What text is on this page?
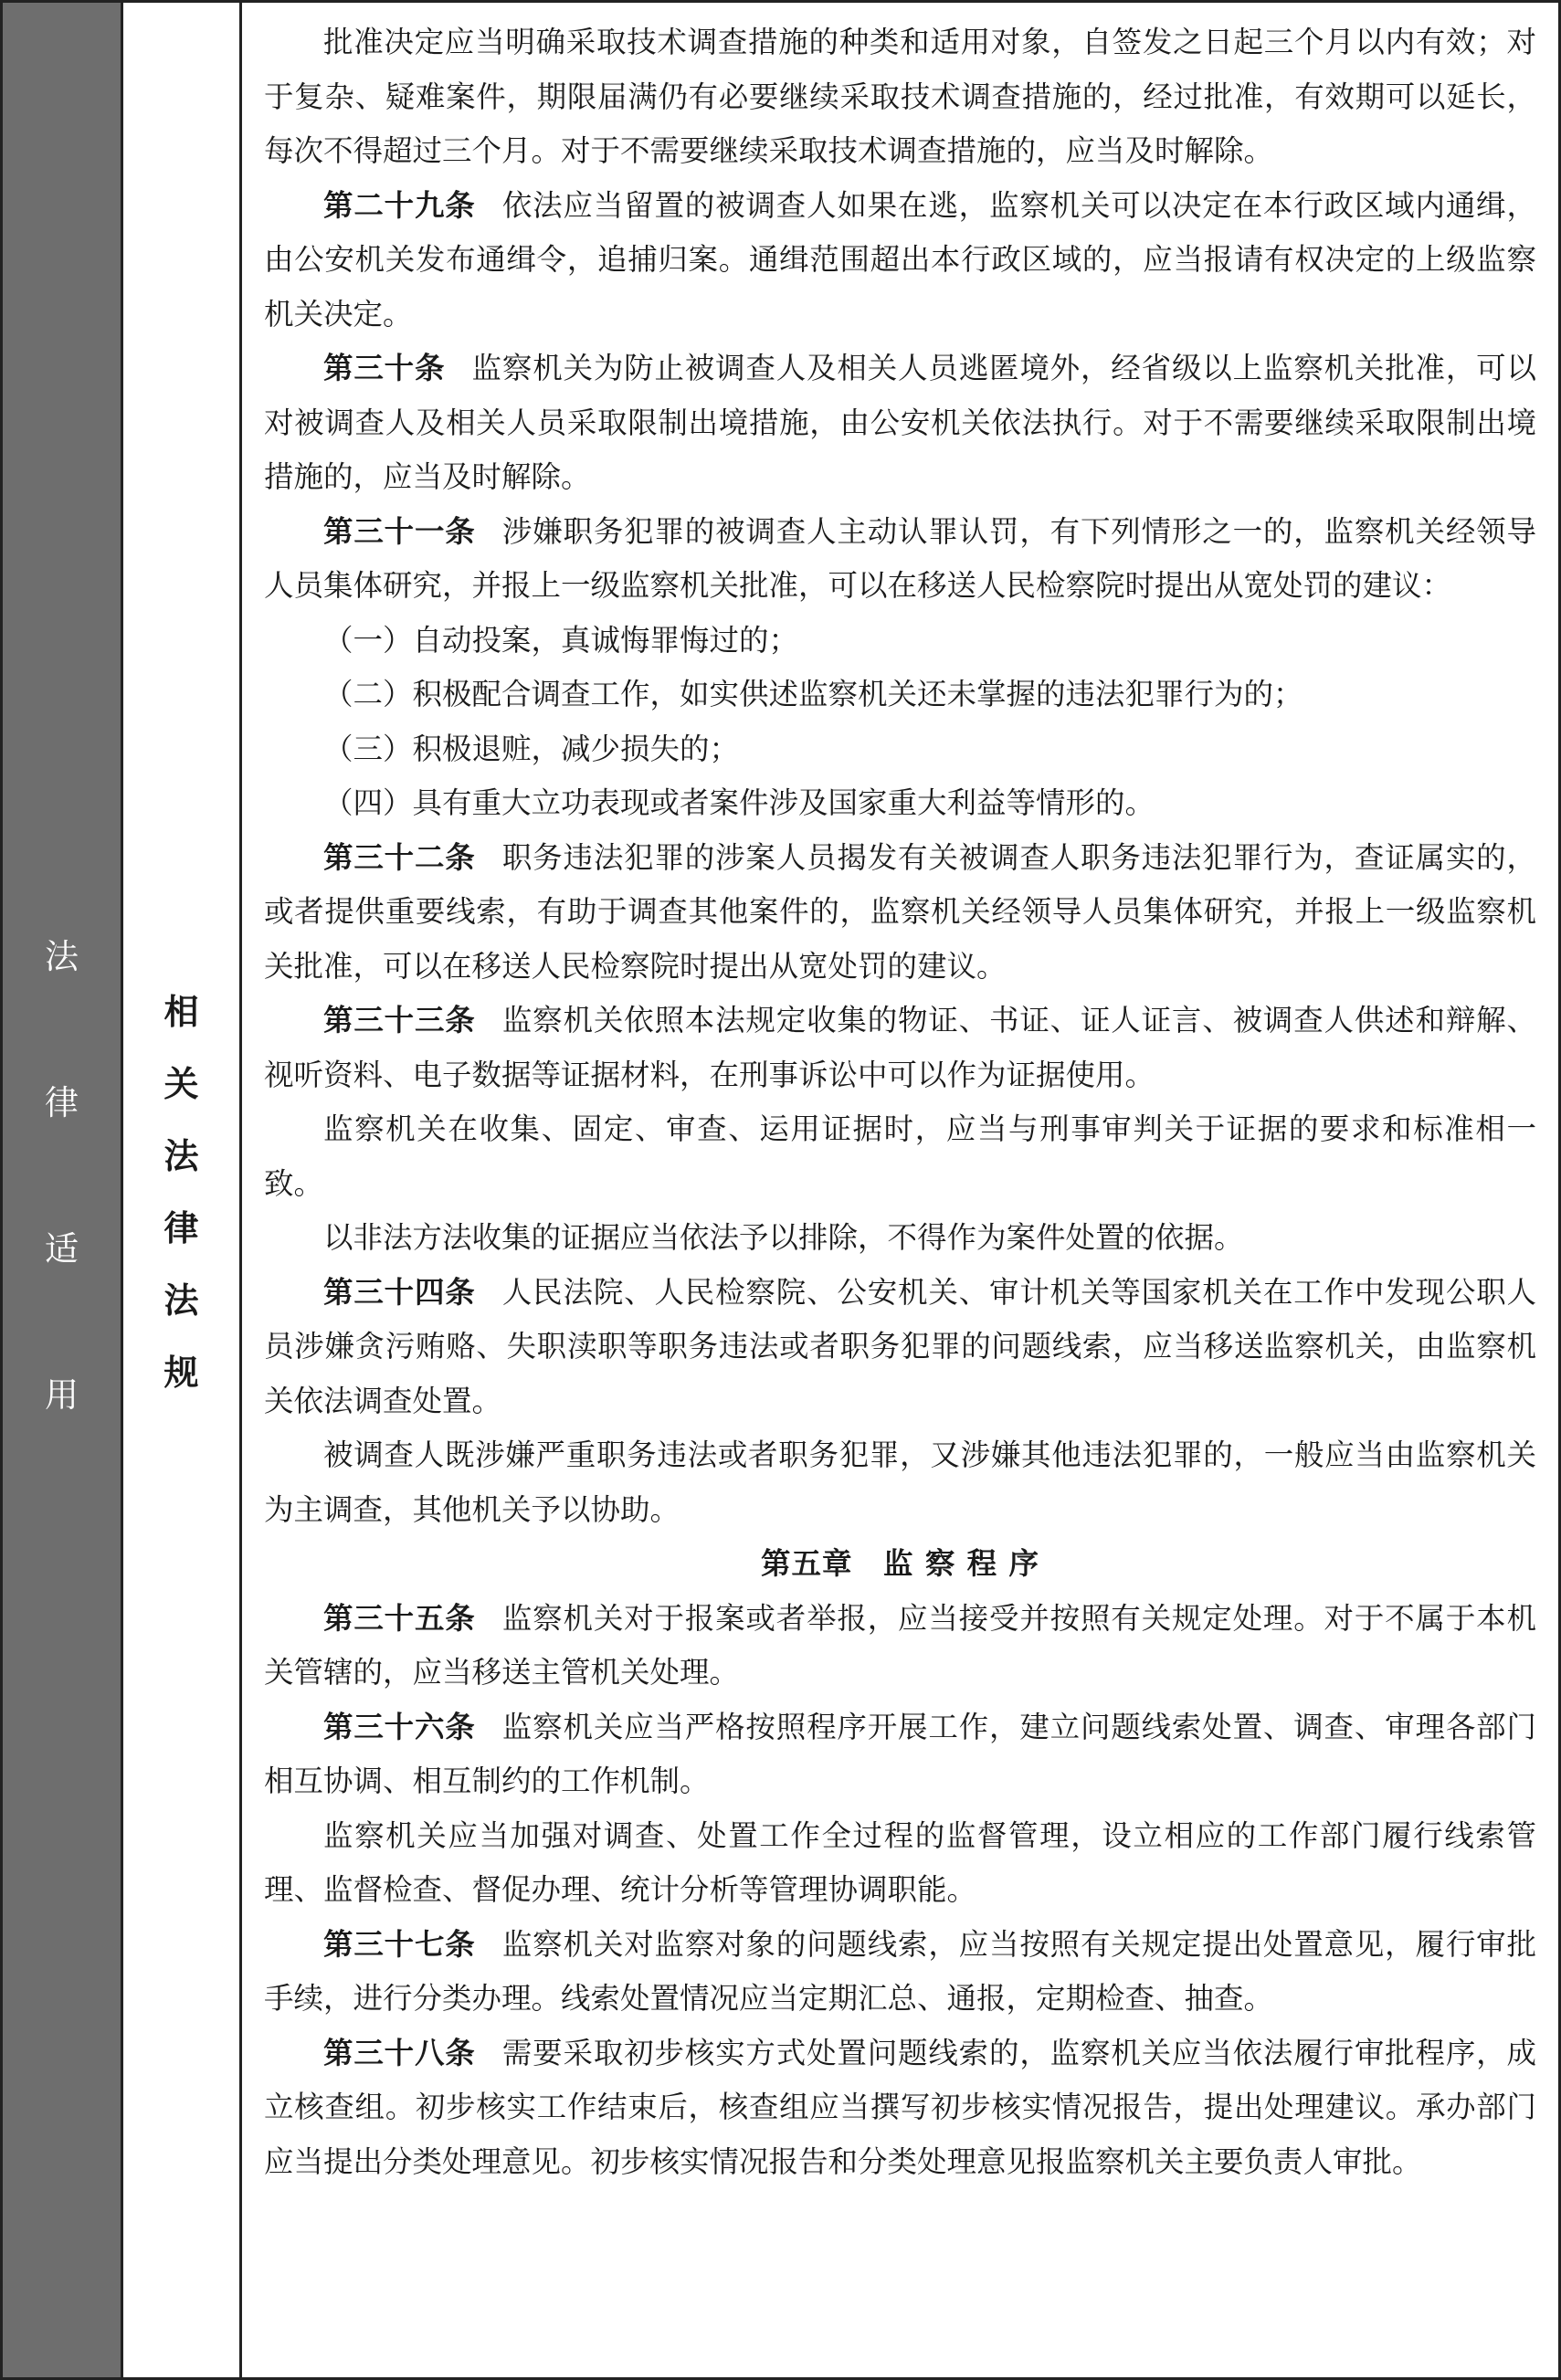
法
律
适
用
相
关
法
律
法
规

批准决定应当明确采取技术调查措施的种类和适用对象，自签发之日起三个月以内有效；对于复杂、疑难案件，期限届满仍有必要继续采取技术调查措施的，经过批准，有效期可以延长，每次不得超过三个月。对于不需要继续采取技术调查措施的，应当及时解除。

第二十九条 依法应当留置的被调查人如果在逃，监察机关可以决定在本行政区域内通缉，由公安机关发布通缉令，追捕归案。通缉范围超出本行政区域的，应当报请有权决定的上级监察机关决定。

第三十条 监察机关为防止被调查人及相关人员逃匿境外，经省级以上监察机关批准，可以对被调查人及相关人员采取限制出境措施，由公安机关依法执行。对于不需要继续采取限制出境措施的，应当及时解除。

第三十一条 涉嫌职务犯罪的被调查人主动认罪认罚，有下列情形之一的，监察机关经领导人员集体研究，并报上一级监察机关批准，可以在移送人民检察院时提出从宽处罚的建议：

（一）自动投案，真诚悔罪悔过的；

（二）积极配合调查工作，如实供述监察机关还未掌握的违法犯罪行为的；

（三）积极退赃，减少损失的；

（四）具有重大立功表现或者案件涉及国家重大利益等情形的。

第三十二条 职务违法犯罪的涉案人员揭发有关被调查人职务违法犯罪行为，查证属实的，或者提供重要线索，有助于调查其他案件的，监察机关经领导人员集体研究，并报上一级监察机关批准，可以在移送人民检察院时提出从宽处罚的建议。

第三十三条 监察机关依照本法规定收集的物证、书证、证人证言、被调查人供述和辩解、视听资料、电子数据等证据材料，在刑事诉讼中可以作为证据使用。

监察机关在收集、固定、审查、运用证据时，应当与刑事审判关于证据的要求和标准相一致。

以非法方法收集的证据应当依法予以排除，不得作为案件处置的依据。

第三十四条 人民法院、人民检察院、公安机关、审计机关等国家机关在工作中发现公职人员涉嫌贪污贿赂、失职渎职等职务违法或者职务犯罪的问题线索，应当移送监察机关，由监察机关依法调查处置。

被调查人既涉嫌严重职务违法或者职务犯罪，又涉嫌其他违法犯罪的，一般应当由监察机关为主调查，其他机关予以协助。

第五章　监 察 程 序

第三十五条 监察机关对于报案或者举报，应当接受并按照有关规定处理。对于不属于本机关管辖的，应当移送主管机关处理。

第三十六条 监察机关应当严格按照程序开展工作，建立问题线索处置、调查、审理各部门相互协调、相互制约的工作机制。

监察机关应当加强对调查、处置工作全过程的监督管理，设立相应的工作部门履行线索管理、监督检查、督促办理、统计分析等管理协调职能。

第三十七条 监察机关对监察对象的问题线索，应当按照有关规定提出处置意见，履行审批手续，进行分类办理。线索处置情况应当定期汇总、通报，定期检查、抽查。

第三十八条 需要采取初步核实方式处置问题线索的，监察机关应当依法履行审批程序，成立核查组。初步核实工作结束后，核查组应当撰写初步核实情况报告，提出处理建议。承办部门应当提出分类处理意见。初步核实情况报告和分类处理意见报监察机关主要负责人审批。
